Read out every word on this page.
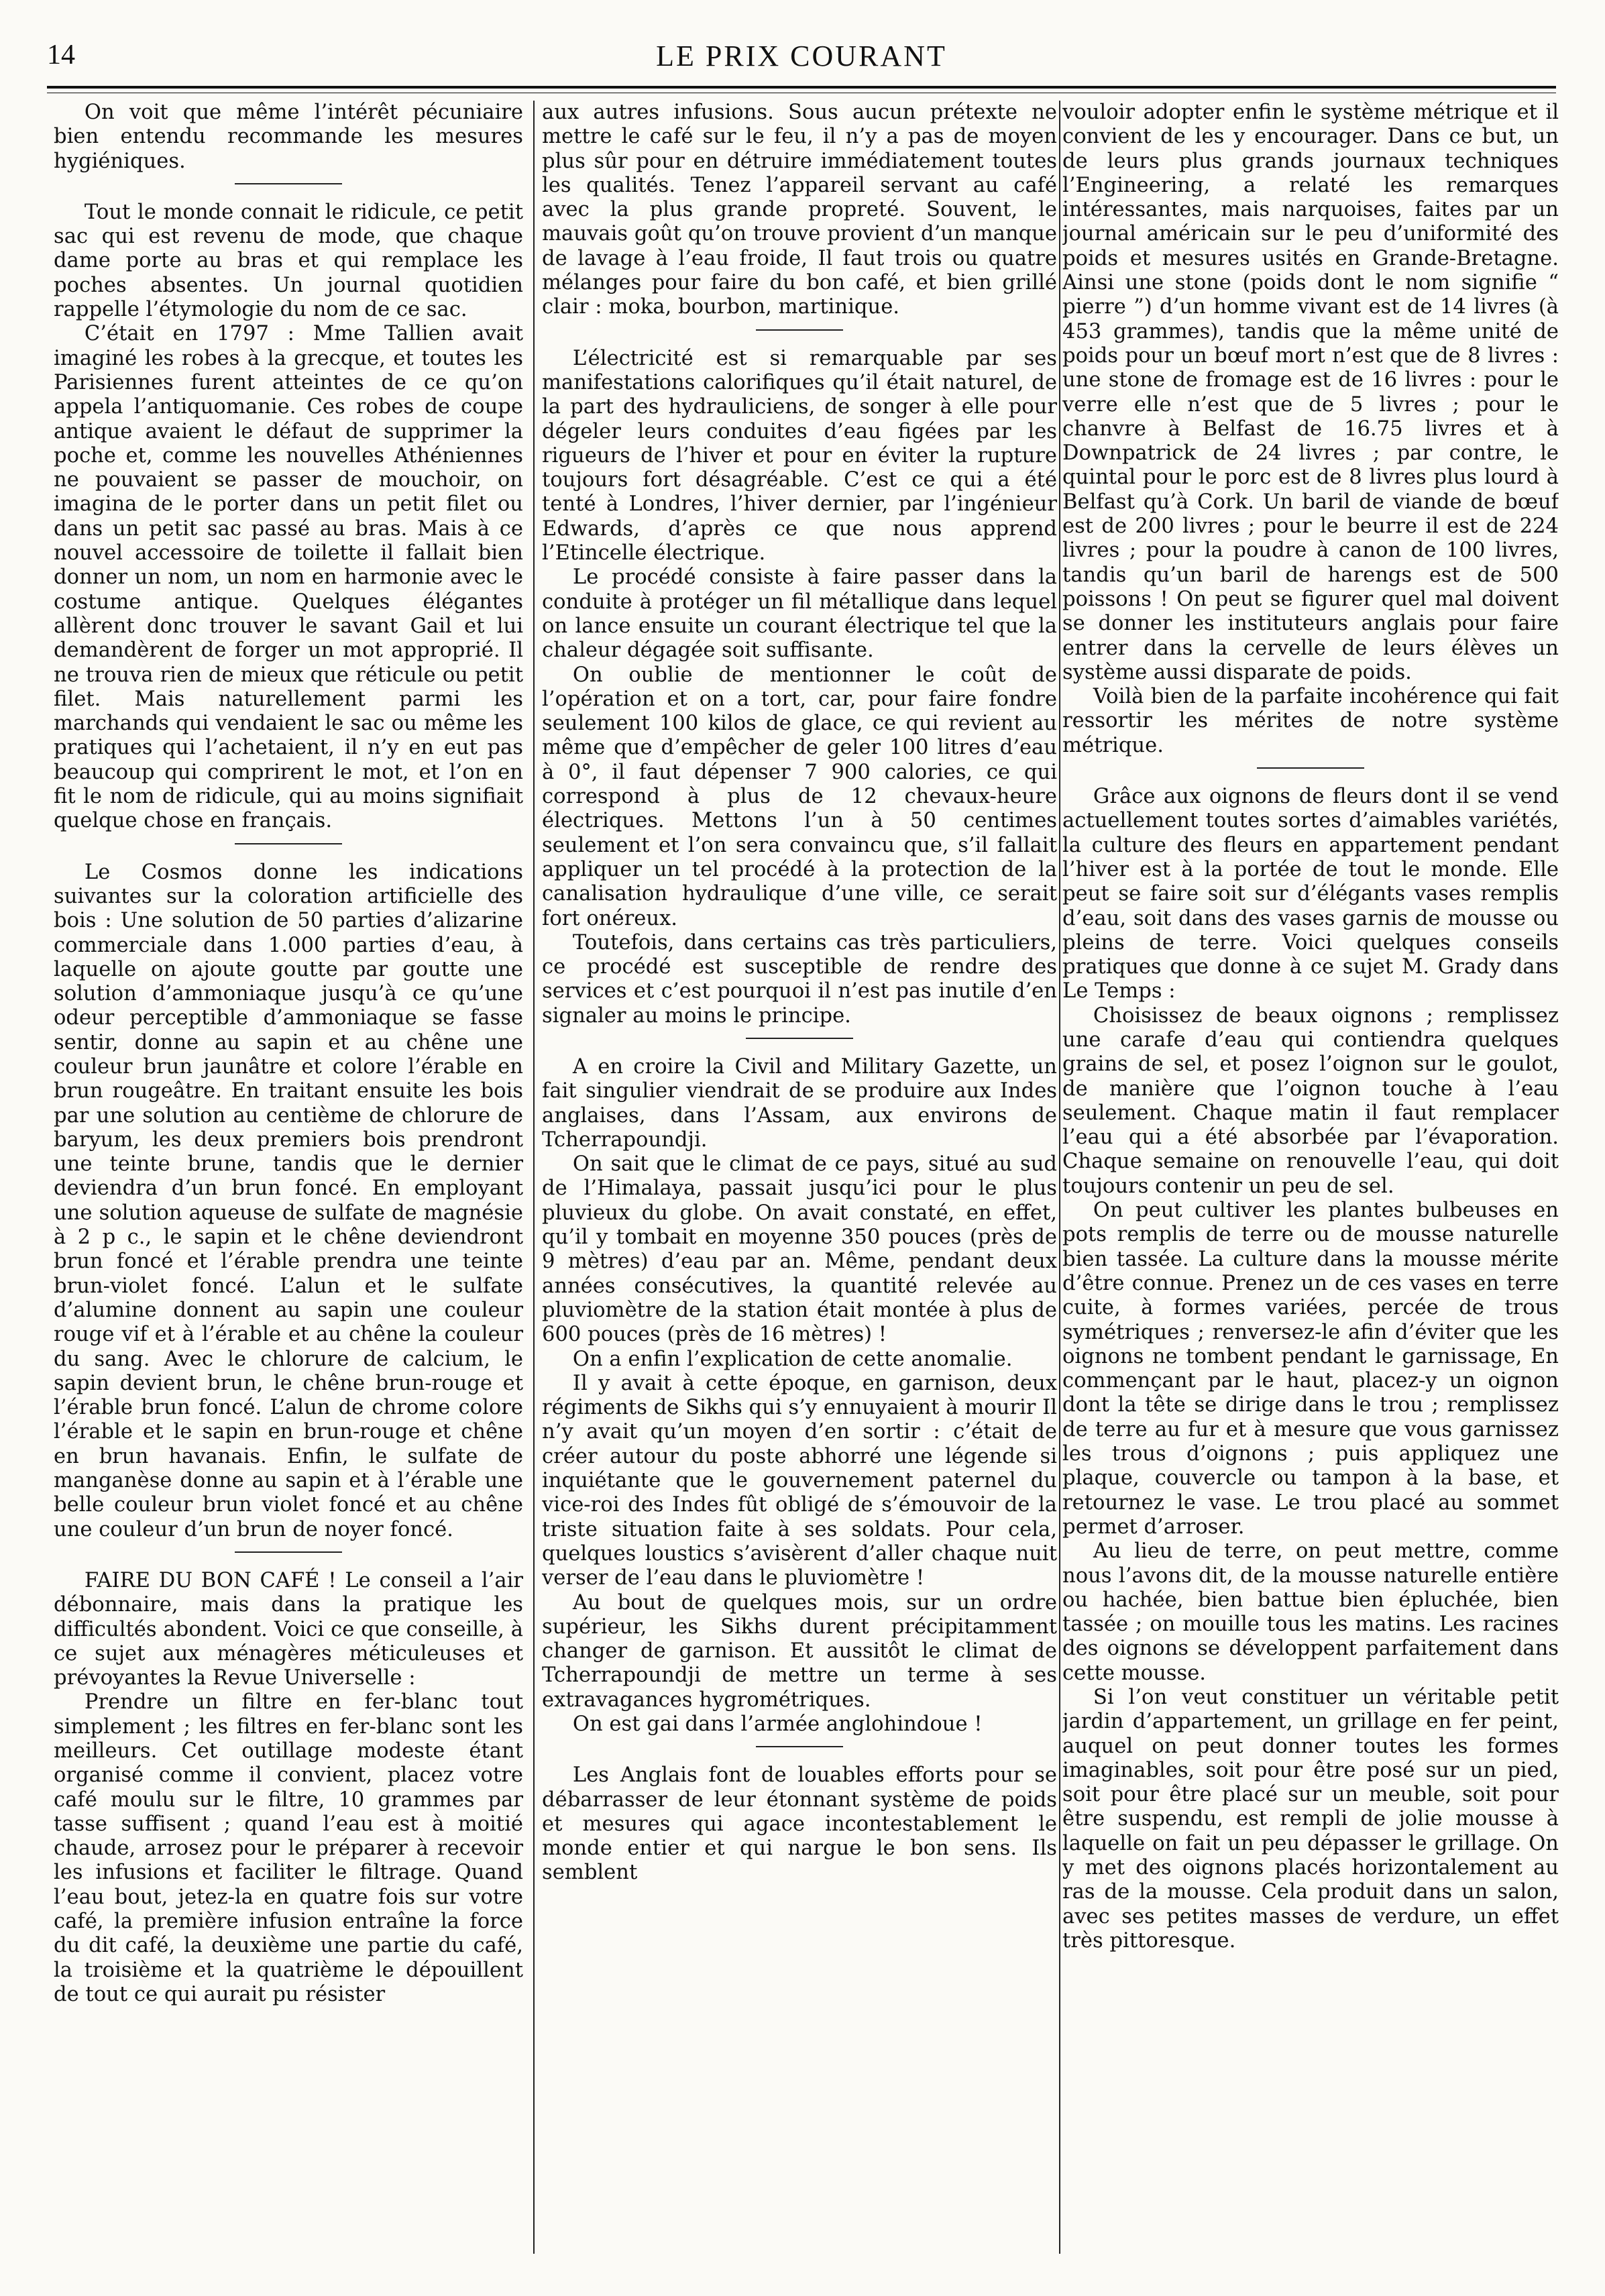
14	LE PRIX COURANT

On voit que même l’intérêt pécuniaire bien entendu recommande les mesures hygiéniques.

Tout le monde connait le ridicule, ce petit sac qui est revenu de mode, que chaque dame porte au bras et qui remplace les poches absentes. Un journal quotidien rappelle l’étymologie du nom de ce sac.

C’était en 1797 : Mme Tallien avait imaginé les robes à la grecque, et toutes les Parisiennes furent atteintes de ce qu’on appela l’antiquomanie. Ces robes de coupe antique avaient le défaut de supprimer la poche et, comme les nouvelles Athéniennes ne pouvaient se passer de mouchoir, on imagina de le porter dans un petit filet ou dans un petit sac passé au bras. Mais à ce nouvel accessoire de toilette il fallait bien donner un nom, un nom en harmonie avec le costume antique. Quelques élégantes allèrent donc trouver le savant Gail et lui demandèrent de forger un mot approprié. Il ne trouva rien de mieux que réticule ou petit filet. Mais naturellement parmi les marchands qui vendaient le sac ou même les pratiques qui l’achetaient, il n’y en eut pas beaucoup qui comprirent le mot, et l’on en fit le nom de ridicule, qui au moins signifiait quelque chose en français.

Le Cosmos donne les indications suivantes sur la coloration artificielle des bois : Une solution de 50 parties d’alizarine commerciale dans 1.000 parties d’eau, à laquelle on ajoute goutte par goutte une solution d’ammoniaque jusqu’à ce qu’une odeur perceptible d’ammoniaque se fasse sentir, donne au sapin et au chêne une couleur brun jaunâtre et colore l’érable en brun rougeâtre. En traitant ensuite les bois par une solution au centième de chlorure de baryum, les deux premiers bois prendront une teinte brune, tandis que le dernier deviendra d’un brun foncé. En employant une solution aqueuse de sulfate de magnésie à 2 p c., le sapin et le chêne deviendront brun foncé et l’érable prendra une teinte brun-violet foncé. L’alun et le sulfate d’alumine donnent au sapin une couleur rouge vif et à l’érable et au chêne la couleur du sang. Avec le chlorure de calcium, le sapin devient brun, le chêne brun-rouge et l’érable brun foncé. L’alun de chrome colore l’érable et le sapin en brun-rouge et chêne en brun havanais. Enfin, le sulfate de manganèse donne au sapin et à l’érable une belle couleur brun violet foncé et au chêne une couleur d’un brun de noyer foncé.

FAIRE DU BON CAFÉ ! Le conseil a l’air débonnaire, mais dans la pratique les difficultés abondent. Voici ce que conseille, à ce sujet aux ménagères méticuleuses et prévoyantes la Revue Universelle :

Prendre un filtre en fer-blanc tout simplement ; les filtres en fer-blanc sont les meilleurs. Cet outillage modeste étant organisé comme il convient, placez votre café moulu sur le filtre, 10 grammes par tasse suffisent ; quand l’eau est à moitié chaude, arrosez pour le préparer à recevoir les infusions et faciliter le filtrage. Quand l’eau bout, jetez-la en quatre fois sur votre café, la première infusion entraîne la force du dit café, la deuxième une partie du café, la troisième et la quatrième le dépouillent de tout ce qui aurait pu résister

aux autres infusions. Sous aucun prétexte ne mettre le café sur le feu, il n’y a pas de moyen plus sûr pour en détruire immédiatement toutes les qualités. Tenez l’appareil servant au café avec la plus grande propreté. Souvent, le mauvais goût qu’on trouve provient d’un manque de lavage à l’eau froide, Il faut trois ou quatre mélanges pour faire du bon café, et bien grillé clair : moka, bourbon, martinique.

L’électricité est si remarquable par ses manifestations calorifiques qu’il était naturel, de la part des hydrauliciens, de songer à elle pour dégeler leurs conduites d’eau figées par les rigueurs de l’hiver et pour en éviter la rupture toujours fort désagréable. C’est ce qui a été tenté à Londres, l’hiver dernier, par l’ingénieur Edwards, d’après ce que nous apprend l’Etincelle électrique.

Le procédé consiste à faire passer dans la conduite à protéger un fil métallique dans lequel on lance ensuite un courant électrique tel que la chaleur dégagée soit suffisante.

On oublie de mentionner le coût de l’opération et on a tort, car, pour faire fondre seulement 100 kilos de glace, ce qui revient au même que d’empêcher de geler 100 litres d’eau à 0°, il faut dépenser 7 900 calories, ce qui correspond à plus de 12 chevaux-heure électriques. Mettons l’un à 50 centimes seulement et l’on sera convaincu que, s’il fallait appliquer un tel procédé à la protection de la canalisation hydraulique d’une ville, ce serait fort onéreux.

Toutefois, dans certains cas très particuliers, ce procédé est susceptible de rendre des services et c’est pourquoi il n’est pas inutile d’en signaler au moins le principe.

A en croire la Civil and Military Gazette, un fait singulier viendrait de se produire aux Indes anglaises, dans l’Assam, aux environs de Tcherrapoundji.

On sait que le climat de ce pays, situé au sud de l’Himalaya, passait jusqu’ici pour le plus pluvieux du globe. On avait constaté, en effet, qu’il y tombait en moyenne 350 pouces (près de 9 mètres) d’eau par an. Même, pendant deux années consécutives, la quantité relevée au pluviomètre de la station était montée à plus de 600 pouces (près de 16 mètres) !

On a enfin l’explication de cette anomalie.

Il y avait à cette époque, en garnison, deux régiments de Sikhs qui s’y ennuyaient à mourir Il n’y avait qu’un moyen d’en sortir : c’était de créer autour du poste abhorré une légende si inquiétante que le gouvernement paternel du vice-roi des Indes fût obligé de s’émouvoir de la triste situation faite à ses soldats. Pour cela, quelques loustics s’avisèrent d’aller chaque nuit verser de l’eau dans le pluviomètre !

Au bout de quelques mois, sur un ordre supérieur, les Sikhs durent précipitamment changer de garnison. Et aussitôt le climat de Tcherrapoundji de mettre un terme à ses extravagances hygrométriques.

On est gai dans l’armée anglohindoue !

Les Anglais font de louables efforts pour se débarrasser de leur étonnant système de poids et mesures qui agace incontestablement le monde entier et qui nargue le bon sens. Ils semblent

vouloir adopter enfin le système métrique et il convient de les y encourager. Dans ce but, un de leurs plus grands journaux techniques l’Engineering, a relaté les remarques intéressantes, mais narquoises, faites par un journal américain sur le peu d’uniformité des poids et mesures usités en Grande-Bretagne. Ainsi une stone (poids dont le nom signifie “ pierre ”) d’un homme vivant est de 14 livres (à 453 grammes), tandis que la même unité de poids pour un bœuf mort n’est que de 8 livres : une stone de fromage est de 16 livres : pour le verre elle n’est que de 5 livres ; pour le chanvre à Belfast de 16.75 livres et à Downpatrick de 24 livres ; par contre, le quintal pour le porc est de 8 livres plus lourd à Belfast qu’à Cork. Un baril de viande de bœuf est de 200 livres ; pour le beurre il est de 224 livres ; pour la poudre à canon de 100 livres, tandis qu’un baril de harengs est de 500 poissons ! On peut se figurer quel mal doivent se donner les instituteurs anglais pour faire entrer dans la cervelle de leurs élèves un système aussi disparate de poids.

Voilà bien de la parfaite incohérence qui fait ressortir les mérites de notre système métrique.

Grâce aux oignons de fleurs dont il se vend actuellement toutes sortes d’aimables variétés, la culture des fleurs en appartement pendant l’hiver est à la portée de tout le monde. Elle peut se faire soit sur d’élégants vases remplis d’eau, soit dans des vases garnis de mousse ou pleins de terre. Voici quelques conseils pratiques que donne à ce sujet M. Grady dans Le Temps :

Choisissez de beaux oignons ; remplissez une carafe d’eau qui contiendra quelques grains de sel, et posez l’oignon sur le goulot, de manière que l’oignon touche à l’eau seulement. Chaque matin il faut remplacer l’eau qui a été absorbée par l’évaporation. Chaque semaine on renouvelle l’eau, qui doit toujours contenir un peu de sel.

On peut cultiver les plantes bulbeuses en pots remplis de terre ou de mousse naturelle bien tassée. La culture dans la mousse mérite d’être connue. Prenez un de ces vases en terre cuite, à formes variées, percée de trous symétriques ; renversez-le afin d’éviter que les oignons ne tombent pendant le garnissage, En commençant par le haut, placez-y un oignon dont la tête se dirige dans le trou ; remplissez de terre au fur et à mesure que vous garnissez les trous d’oignons ; puis appliquez une plaque, couvercle ou tampon à la base, et retournez le vase. Le trou placé au sommet permet d’arroser.

Au lieu de terre, on peut mettre, comme nous l’avons dit, de la mousse naturelle entière ou hachée, bien battue bien épluchée, bien tassée ; on mouille tous les matins. Les racines des oignons se développent parfaitement dans cette mousse.

Si l’on veut constituer un véritable petit jardin d’appartement, un grillage en fer peint, auquel on peut donner toutes les formes imaginables, soit pour être posé sur un pied, soit pour être placé sur un meuble, soit pour être suspendu, est rempli de jolie mousse à laquelle on fait un peu dépasser le grillage. On y met des oignons placés horizontalement au ras de la mousse. Cela produit dans un salon, avec ses petites masses de verdure, un effet très pittoresque.
